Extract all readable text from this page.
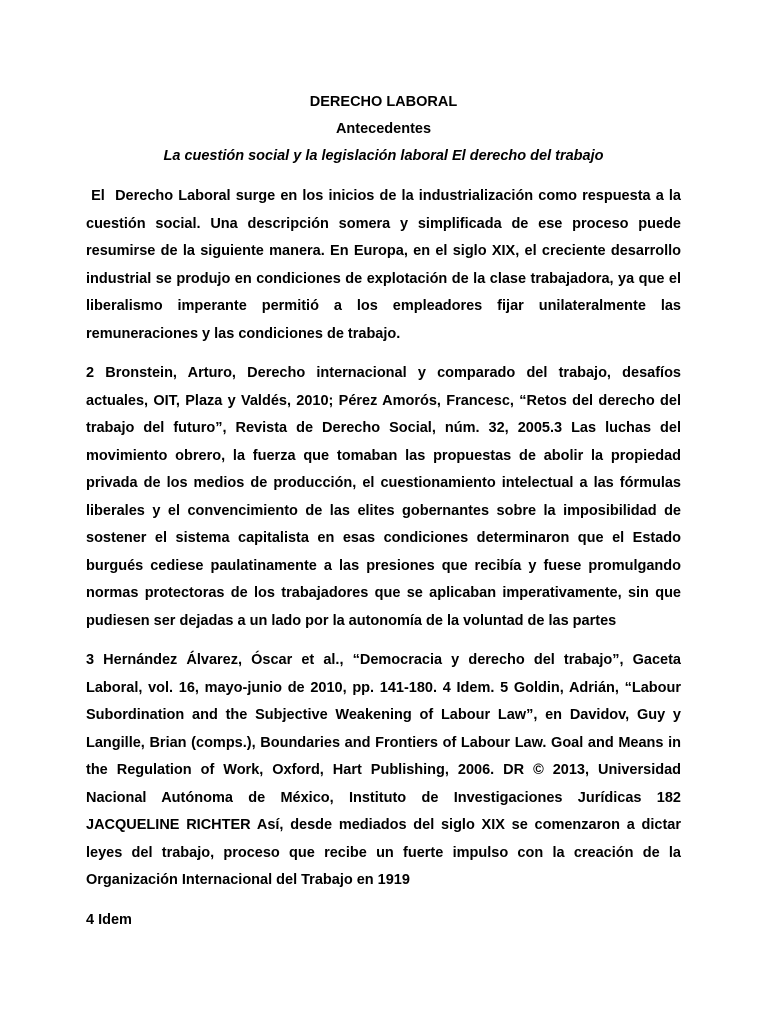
DERECHO LABORAL

Antecedentes

La cuestión social y la legislación laboral El derecho del trabajo

El  Derecho Laboral surge en los inicios de la industrialización como respuesta a la cuestión social. Una descripción somera y simplificada de ese proceso puede resumirse de la siguiente manera. En Europa, en el siglo XIX, el creciente desarrollo industrial se produjo en condiciones de explotación de la clase trabajadora, ya que el liberalismo imperante permitió a los empleadores fijar unilateralmente las remuneraciones y las condiciones de trabajo.

2 Bronstein, Arturo, Derecho internacional y comparado del trabajo, desafíos actuales, OIT, Plaza y Valdés, 2010; Pérez Amorós, Francesc, “Retos del derecho del trabajo del futuro”, Revista de Derecho Social, núm. 32, 2005.3 Las luchas del movimiento obrero, la fuerza que tomaban las propuestas de abolir la propiedad privada de los medios de producción, el cuestionamiento intelectual a las fórmulas liberales y el convencimiento de las elites gobernantes sobre la imposibilidad de sostener el sistema capitalista en esas condiciones determinaron que el Estado burgués cediese paulatinamente a las presiones que recibía y fuese promulgando normas protectoras de los trabajadores que se aplicaban imperativamente, sin que pudiesen ser dejadas a un lado por la autonomía de la voluntad de las partes

3 Hernández Álvarez, Óscar et al., “Democracia y derecho del trabajo”, Gaceta Laboral, vol. 16, mayo-junio de 2010, pp. 141-180. 4 Idem. 5 Goldin, Adrián, “Labour Subordination and the Subjective Weakening of Labour Law”, en Davidov, Guy y Langille, Brian (comps.), Boundaries and Frontiers of Labour Law. Goal and Means in the Regulation of Work, Oxford, Hart Publishing, 2006. DR © 2013, Universidad Nacional Autónoma de México, Instituto de Investigaciones Jurídicas 182 JACQUELINE RICHTER Así, desde mediados del siglo XIX se comenzaron a dictar leyes del trabajo, proceso que recibe un fuerte impulso con la creación de la Organización Internacional del Trabajo en 1919

4 Idem
